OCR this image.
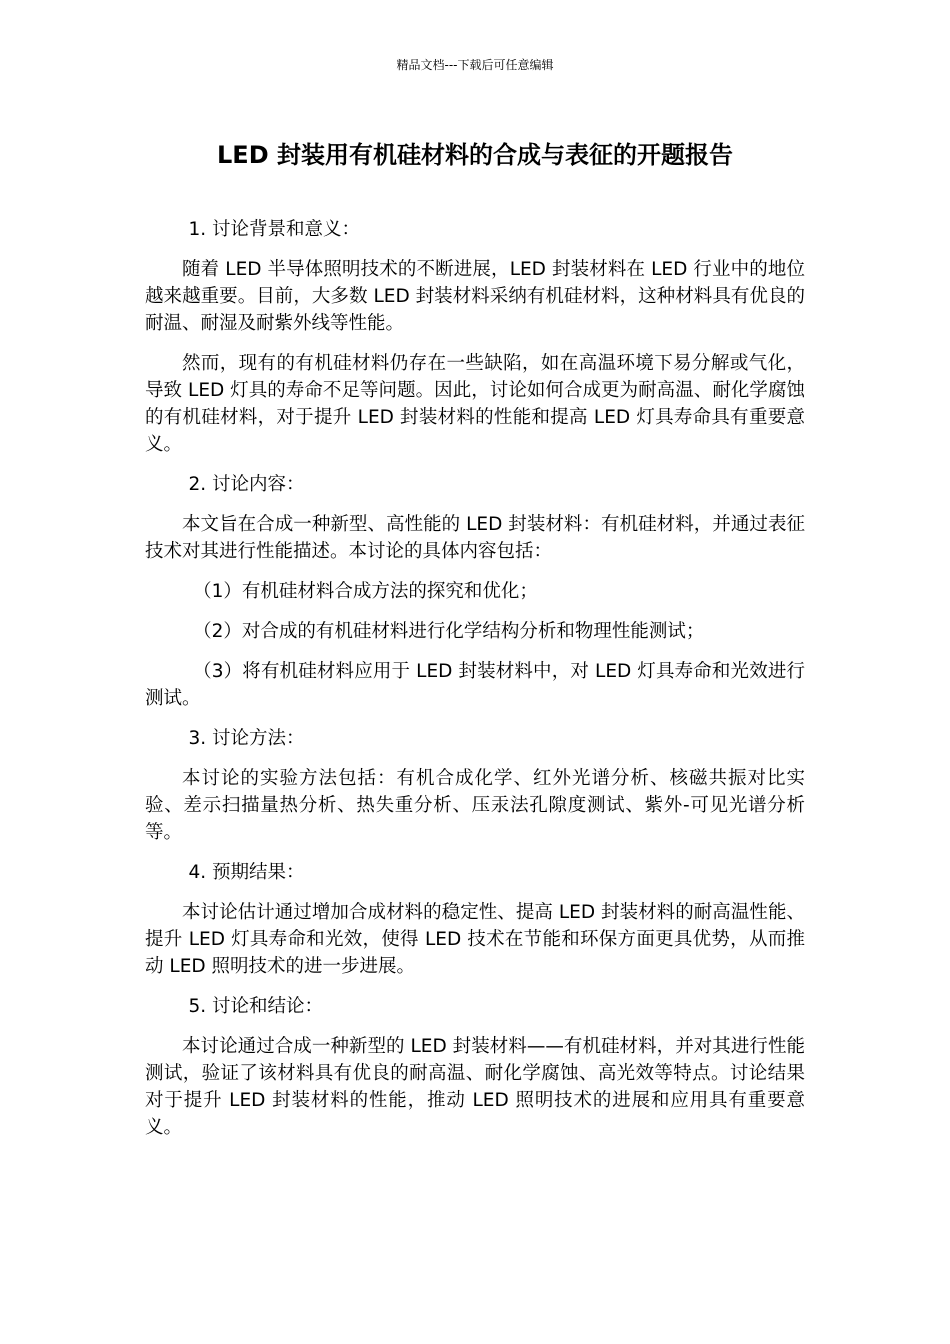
精品文档---下载后可任意编辑
LED 封装用有机硅材料的合成与表征的开题报告

1. 讨论背景和意义：

随着 LED 半导体照明技术的不断进展，LED 封装材料在 LED 行业中的地位越来越重要。目前，大多数 LED 封装材料采纳有机硅材料，这种材料具有优良的耐温、耐湿及耐紫外线等性能。

然而，现有的有机硅材料仍存在一些缺陷，如在高温环境下易分解或气化，导致 LED 灯具的寿命不足等问题。因此，讨论如何合成更为耐高温、耐化学腐蚀的有机硅材料，对于提升 LED 封装材料的性能和提高 LED 灯具寿命具有重要意义。

2. 讨论内容：

本文旨在合成一种新型、高性能的 LED 封装材料：有机硅材料，并通过表征技术对其进行性能描述。本讨论的具体内容包括：

（1）有机硅材料合成方法的探究和优化；

（2）对合成的有机硅材料进行化学结构分析和物理性能测试；

（3）将有机硅材料应用于 LED 封装材料中，对 LED 灯具寿命和光效进行测试。

3. 讨论方法：

本讨论的实验方法包括：有机合成化学、红外光谱分析、核磁共振对比实验、差示扫描量热分析、热失重分析、压汞法孔隙度测试、紫外-可见光谱分析等。

4. 预期结果：

本讨论估计通过增加合成材料的稳定性、提高 LED 封装材料的耐高温性能、提升 LED 灯具寿命和光效，使得 LED 技术在节能和环保方面更具优势，从而推动 LED 照明技术的进一步进展。

5. 讨论和结论：

本讨论通过合成一种新型的 LED 封装材料——有机硅材料，并对其进行性能测试，验证了该材料具有优良的耐高温、耐化学腐蚀、高光效等特点。讨论结果对于提升 LED 封装材料的性能，推动 LED 照明技术的进展和应用具有重要意义。
